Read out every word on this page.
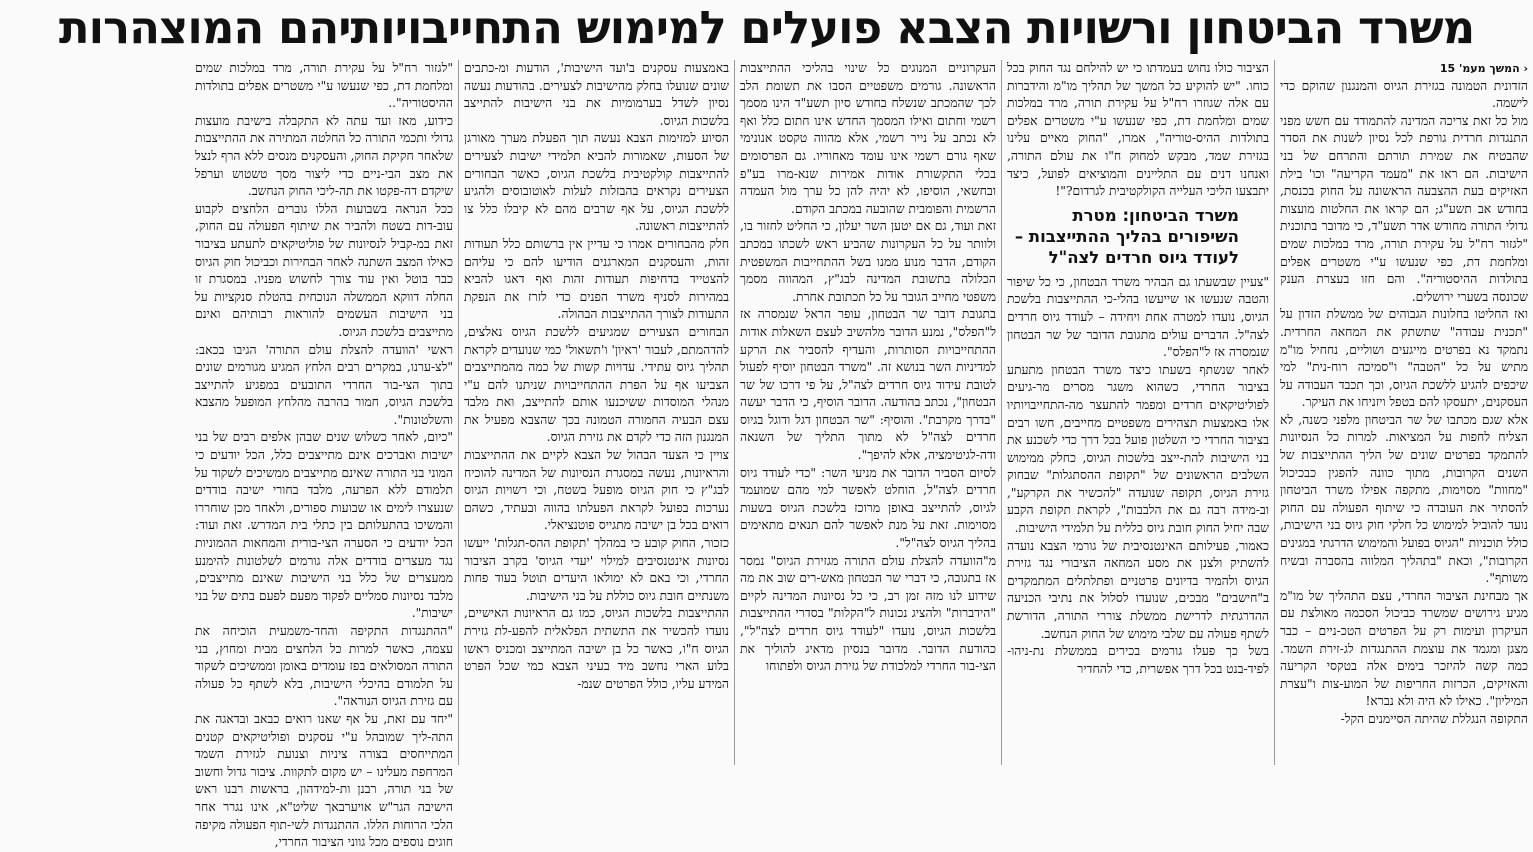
משרד הביטחון ורשויות הצבא פועלים למימוש התחייבויותיהם המוצהרות
‹ המשך מעמ' 15

הזדונית הטמונה בגזירת הגיוס והמנגנון שהוקם כדי לישמה.

מול כל זאת צריכה המדינה להתמודד עם חשש מפני התנגדות חרדית גורפת לכל נסיון לשנות את הסדר שהבטיח את שמירת תורתם והתרחם של בני הישיבות. הם ראו את "מעמד הקריעה" וכו' בילת האזיקים בעת ההצבעה הראשונה על החוק בכנסת, בחודש אב תשע"ג; הם קראו את החלטות מועצות גדולי התורה מחודש אדר תשע"ד, כי מדובר בתוכנית "לגזור רח"ל על עקירת תורה, מרד במלכות שמים ומלחמת דת, כפי שנעשו ע"י משטרים אפלים בתולדות ההיסטוריה". והם חזו בעצרת הענק שכונסה בשערי ירושלים.

ואז החליטו בחלונות הגבוהים של ממשלת הזדון על "תכנית עבודה" שתשתק את המחאה החרדית. נתמקד נא בפרטים מייגעים ושוליים, נחחיל מו"מ מתיש על כל "הטבה" ו"סמיכה רוח-נית" למי שיכפים להגיע ללשכת הגיוס, וכך תכבד העבודה על העסקנים, יתעסקו להם בטפל ויזניחו את העיקר.

אלא שגם מכתבו של שר הביטחון מלפני כשנה, לא הצליח לחפות על המציאות. למרות כל הנסיונות להתמקד בפרטים שונים של הליך ההתייצבות של השנים הקרובות, מתוך כוונה להפגין כבכיכול "מחוות" מסוימות, מתקפה אפילו משרד הביטחון להסתיר את העובדה כי שיתוף הפעולה עם החוק נועד להוביל למימוש כל חלקי חוק גיוס בני הישיבות, כולל תוכניות "הגיוס בפועל והמימוש הדרגתי במגינים הקרובות", וכאת "בתהליך המלווה בהסברה ובשיח משותף".

אך מבחינת הציבור החרדי, עצם התהליך של מו"מ מגיע גירושים שמשרד כביכול הסכמה מאולצת עם העיקרון ועימות רק על הפרטים הטכ-ניים – כבר מצגן ומגמד את עוצמת ההתנגדות לג-זירת השמד. כמה קשה להיזכר בימים אלה בטקסי הקריעה והאזיקים, הכרזות החריפות של המוע-צות ו"עצרת המיליון". כאילו לא היה ולא נברא!

התקופה הנגללת שהיתה הסיימנים הקל-

הציבור כולו נחוש בעמדתו כי יש להילחם נגד החוק בכל כוחו. "יש להוקיע כל המשך של תהליך מו"מ והידברות עם אלה שגוזרו רח"ל על עקירת תורה, מרד במלכות שמים ומלחמת דת, כפי שנעשו ע"י משטרים אפלים בתולדות ההיס-טוריה", אמרו, "החוק מאיים עלינו בגזירת שמד, מבקש למחוק ח"ו את עולם התורה, ואנחנו דנים עם התליינים והמוציאים לפועל, כיצד יתבצעו הליכי העלייה הקולקטיבית לגרדום?"!

משרד הביטחון: מטרת השיפורים בהליך ההתייצבות – לעודד גיוס חרדים לצה"ל

"צעיין שבשעתו גם הבהיר משרד הבטחון, כי כל שיפור והטבה שנעשו או שייעשו בהלי-כי ההתייצבות בלשכת הגיוס, נועדו למטרה אחת ויחידה – לעודד גיוס חרדים לצה"ל. הדברים עולים מתגובת הדובר של שר הבטחון שנמסרה אז ל"הפלס".

לאחר שנשתף בשעתו כיצד משרד הבטחון מתעתע בציבור החרדי, כשהוא משגר מסרים מר-גיעים לפוליטיקאים חרדים ומפמר להתעצר מה-התחייבויותיו אלו באמצעות תצהירים משפטיים מחייבים, חשו רבים בציבור החרדי כי השלטון פועל בכל דרך כדי לשכנע את בני הישיבות להת-ייצב בלשכות הגיוס, כחלק ממימוש השלבים הראשונים של "תקופת ההסתגלות" שבחוק גזירת הגיוס, תקופה שנועדה "להכשיר את הקרקע", וב-מידה רבה גם את הלבבות", לקראת תקופת הקבע שבה יחיל החוק חובת גיוס כללית על תלמידי הישיבות.

כאמור, פעילותם האינטנסיבית של גורמי הצבא נועדה להשתיק ולצנן את מסע המחאה הציבורי נגד גזירת הגיוס ולהמיר בדיונים פרטניים ופתלתלים המתמקדים ב"חישבים" מבכים, שנועדו לסלול את נתיבי הכניעה ההדרגתית לדרישת ממשלת צוררי התורה, הדורשת לשתף פעולה עם שלבי מימוש של החוק הנחשב.

בשל כך פעלו גורמים בכירים בממשלת נת-ניהו- לפיד-בנט בכל דרך אפשרית, כדי להחדיר

העקרוניים המנוגים כל שינוי בהליכי ההתייצבות הראשונה. גורמים משפטיים הסבו את תשומת הלב לכך שהמכתב שנשלח בחודש סיון תשע"ד הינו מסמך רשמי וחתום ואילו המסמך החדש אינו חתום כלל ואף לא נכתב על נייר רשמי, אלא מהווה טקסט אנונימי שאף גורם רשמי אינו עומד מאחוריו. גם הפרסומים בכלי התקשורת אודות אמירות שנא-מרו בע"פ ובחשאי, הוסיפו, לא יהיה להן כל ערך מול העמדה הרשמית והפומבית שהובעה במכתב הקודם.

זאת ועוד, גם אם יטען השר יעלון, כי החליט לחזור בו, ולוותר על כל העקרונות שהביע ראש לשכתו במכתב הקודם, הדבר מנוע ממנו בשל ההתחייבות המשפטית הכלולה בתשובת המדינה לבג"ץ, המהווה מסמך משפטי מחייב הגובר על כל תכתובת אחרת.

בתגובת דובר שר הבטחון, עופר הראל שנמסרה אז ל"הפלס", נמנע הדובר מלהשיב לעצם השאלות אודות ההתחייבויות הסותרות, והעדיף להסביר את הרקע למדיניות השר בנושא זה. "משרד הבטחון יוסיף לפעול לטובת עידוד גיוס חרדים לצה"ל, על פי דרכו של שר הבטחון", נכתב בהודעה. הדובר הוסיף, כי הדבר יעשה "בדרך מקרבת". והוסיף: "שר הבטחון דגל ודוגל בגיוס חרדים לצה"ל לא מתוך התליך של השנאה ודה-לגיטימציה, אלא להיפך".

לסיום הסביר הדובר את מניעי השר: "כדי לעודד גיוס חרדים לצה"ל, הוחלט לאפשר למי מהם שמועמד לגיוס, להתייצב באופן מרוכז בלשכת הגיוס בשעות מסוימות. זאת על מנת לאפשר להם תנאים מתאימים בהליך הגיוס לצה"ל".

מ"הוועדה להצלת עולם התורה מגזירת הגיוס" נמסר אז בתגובה, כי דברי שר הבטחון מאש-רים שוב את מה שידוע לנו מזה זמן רב, כי כל נסיונות המדינה לקיים "הידברות" ולהציג נכונות ל"הקלות" בסדרי ההתייצבות בלשכות הגיוס, נועדו "לעודד גיוס חרדים לצה"ל", כהודעת הדובר. מדובר בנסיון מדאיג להוליך את הצי-בור החרדי למלכודת של גזירת הגיוס ולפתוחו

באמצעות עסקנים ב'ועד הישיבות', הודעות ומ-כתבים שונים שנועלו בחלק מהישיבות לצעירים. בהודעות נעשה נסיון לשדל בערמומיות את בני הישיבות להתייצב בלשכות הגיוס.

הסיוע למזימות הצבא נעשה תוך הפעלת מערך מאורגן של הסעות, שאמורות להביא תלמידי ישיבות לצעירים להתייצבות קולקטיבית בלשכת הגיוס, כאשר הבחורים הצעירים נקראים בהבזלות לעלות לאוטובוסים ולהגיע ללשכת הגיוס, על אף שרבים מהם לא קיבלו כלל צו להתייצבות ראשונה.

חלק מהבחורים אמרו כי עדיין אין ברשותם כלל תעודות זהות, והעסקנים המארגנים הודיעו להם כי עליהם להצטייד בדחיפות תעודות זהות ואף דאגו להביא במהירות לסניף משרד הפנים כדי לזרז את הנפקת התעודות לצורך ההתייצבות הבהולה.

הבחורים הצעירים שמגיעים ללשכת הגיוס נאלצים, להדהמתם, לעבור 'ראיון' ו'תשאול' כמי שנועדים לקראת תהליך גיוס עתידי. עדויות קשות של כמה מהמתייצבים הצביעו אף על הפרת ההתחייבויות שניתנו להם ע"י מנהלי המוסדות ששיכנעו אותם להתייצב, ואת מלבד עצם הבעיה החמורה הטמונה בכך שהצבא מפעיל את המנגנון הזה כדי לקדם את גזירת הגיוס.

צויין כי הצעד הבהול של הצבא לקיים את ההתייצבות והראיונות, נעשה במסגרת הנסיונות של המדינה להוכיח לבג"ץ כי חוק הגיוס מופעל בשטח, וכי רשויות הגיוס נערכות בפועל לקראת הפעלתו בהווה ובעתיד, כשהם רואים בכל בן ישיבה מתגייס פוטנציאלי.

כזכור, החוק קובע כי במהלך 'תקופת ההס-תגלות' ייעשו נסיונות אינטנסיבים למילוי 'יעדי הגיוס' בקרב הציבור החרדי, וכי באם לא ימולאו היעדים תוטל בעוד פחות משנתיים חובת גיוס כוללת על בני הישיבות.

ההתייצבות בלשכות הגיוס, כמו גם הראיונות האישיים, נועדו להכשיר את התשתית הפלאלית להפע-לת גזירת הגיוס ח"ו, כאשר כל בן ישיבה המתייצב ומכניס ראשו בלוע הארי נחשב מיד בעיני הצבא כמי שכל הפרט המידע עליו, כולל הפרטים שנמ-

"לגזור רח"ל על עקירת תורה, מרד במלכות שמים ומלחמת דת, כפי שנעשו ע"י משטרים אפלים בתולדות ההיסטוריה"..

כידוע, מאז ועד עתה לא התקבלה בישיבת מועצות גדולי ותכמי התורה כל החלטה המתירה את ההתייצבות שלאחר חקיקת החוק, והעסקנים מנסים ללא הרף לנצל את מצב הבי-ניים כדי ליצור מסך טשטוש וערפל שיקדם דה-פקטו את תה-ליכי החוק הנחשב.

ככל הנראה בשבועות הללו גוברים הלחצים לקבוע עוב-דות בשטח ולהביר את שיתוף הפעולה עם החוק, זאת במ-קביל לנסיונות של פוליטיקאים לתעתע בציבור כאילו המצב השתנה לאחר הבחירות וכביכול חוק הגיוס כבר בוטל ואין עוד צורך לחשוש מפניו. במסגרת זו החלה דווקא הממשלה הנוכחית בהטלת סנקציות על בני הישיבות העשמים להוראות רבותיהם ואינם מתייצבים בלשכת הגיוס.

ראשי 'הוועדה להצלת עולם התורה' הגיבו בכאב: "לצ-ערנו, במקרים רבים הלחץ המגיע מגורמים שונים בתוך הצי-בור החרדי התובעים במפגיע להתייצב בלשכת הגיוס, חמור בהרבה מהלחץ המופעל מהצבא והשלטונות".

"כיום, לאחר כשלוש שנים שבהן אלפים רבים של בני ישיבות ואברכים אינם מתייצבים כלל, הכל יודעים כי המוני בני התורה שאינם מתייצבים ממשיכים לשקוד על תלמודם ללא הפרעה, מלבד בחורי ישיבה בודדים שנעצרו לימים או שבועות ספורים, ולאחר מכן שוחררו והמשיכו בהתעלותם בין כתלי בית המדרש. זאת ועוד: הכל יודעים כי הסערה הצי-בורית והמחאות ההמוניות נגד מעצרים בודדים אלה גורמים לשלטונות להימנע ממעצרים של כלל בני הישיבות שאינם מתייצבים, מלבד נסיונות סמליים לפקוד מפעם לפעם בתים של בני ישיבות".

"ההתנגדות התקיפה והחד-משמעית הוכיחה את עצמה, כאשר למרות כל הלחצים מבית ומחוץ, בני התורה המסולאים בפז עומדים באומן וממשיכים לשקוד על תלמודם בהיכלי הישיבות, בלא לשתף כל פעולה עם גזירת הגיוס הנוראה".

"יחד עם זאת, על אף שאנו רואים כבאב ובדאגה את התה-ליך שמובהל ע"י עסקנים ופוליטיקאים קטנים המתייחסים בצורה ציניות וצנועת לגזירת השמד המרחפת מעלינו – יש מקום לתקוות. ציבור גדול וחשוב של בני תורה, רבנן ות-למידהון, בראשות רבנו ראש הישיבה הגר"ש אויערבאך שליט"א, אינו נגרר אחר הלכי הרוחות הללו. ההתנגדות לשי-תוף הפעולה מקיפה חוגים נוספים מכל גווני הציבור החרדי,
